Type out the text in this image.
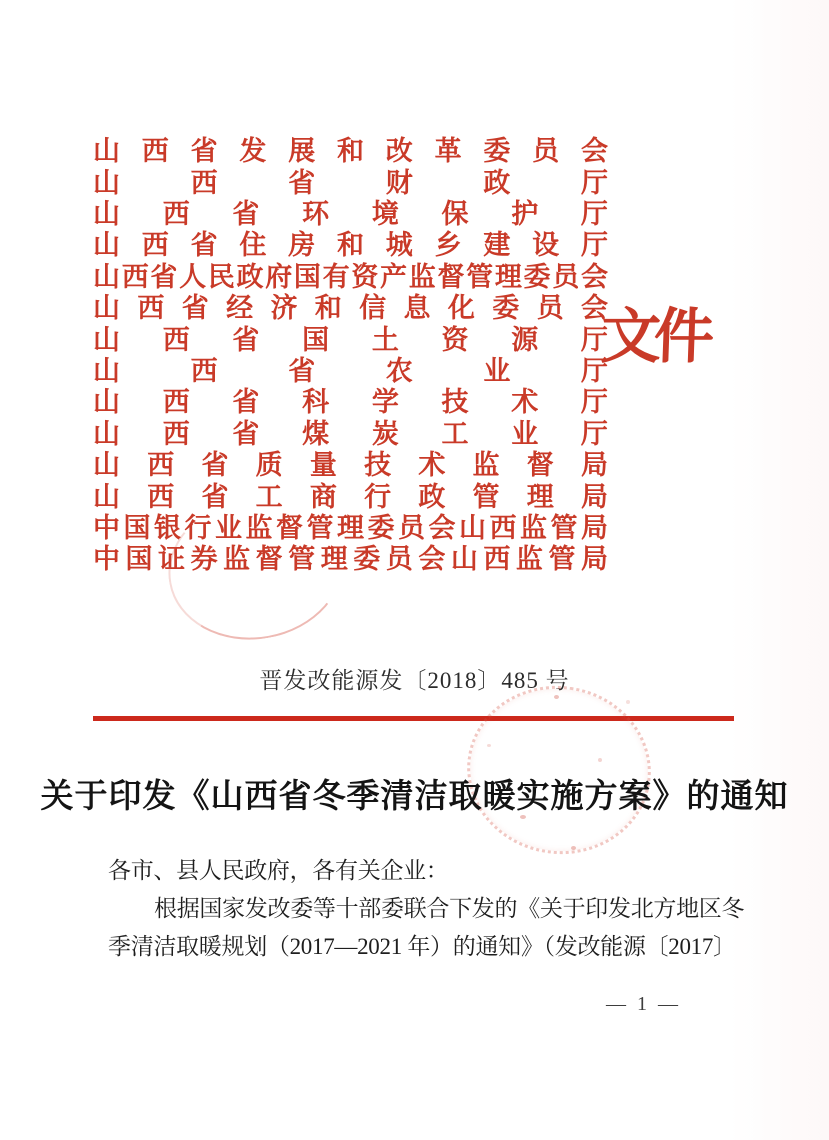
山 西 省 发 展 和 改 革 委 员 会
山	西	省	财	政	厅
山 西 省 环 境 保 护 厅
山 西 省 住 房 和 城 乡 建 设 厅
山 西 省 人 民 政 府 国 有 资 产 监 督 管 理 委 员 会
山 西 省 经 济 和 信 息 化 委 员 会
山 西 省 国 土 资 源 厅
山	西	省	农	业	厅
山 西 省 科 学 技 术 厅
山 西 省 煤 炭 工 业 厅
山 西 省 质 量 技 术 监 督 局
山 西 省 工 商 行 政 管 理 局
中 国 银 行 业 监 督 管 理 委 员 会 山 西 监 管 局
中 国 证 券 监 督 管 理 委 员 会 山 西 监 管 局
文件
晋发改能源发〔2018〕485 号
关于印发《山西省冬季清洁取暖实施方案》的通知
各市、县人民政府，各有关企业：
根据国家发改委等十部委联合下发的《关于印发北方地区冬
季清洁取暖规划（2017—2021 年）的通知》（发改能源〔2017〕
— 1 —
